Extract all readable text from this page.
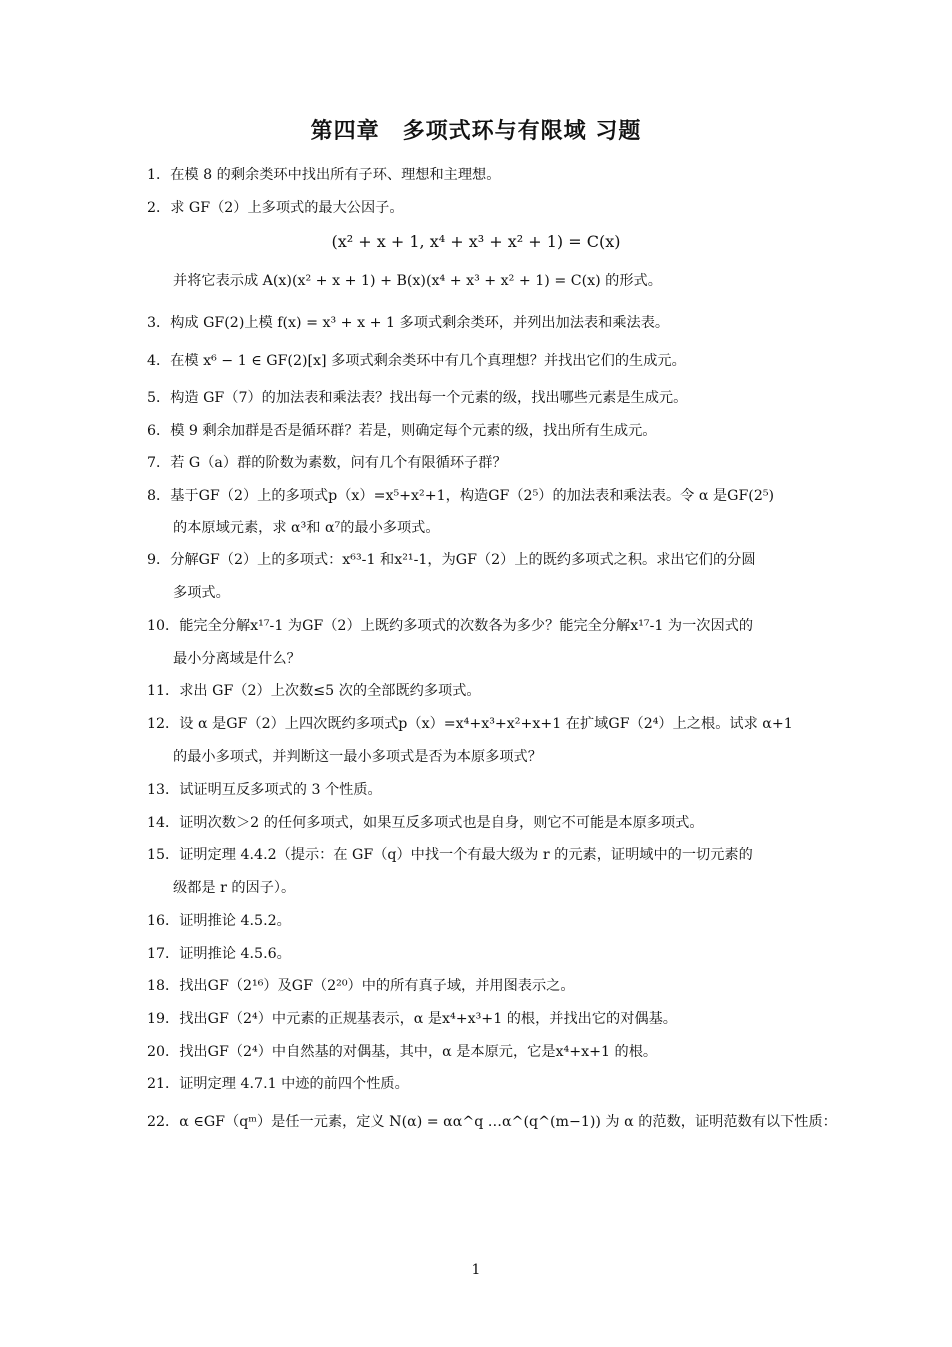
第四章　多项式环与有限域 习题
1．在模 8 的剩余类环中找出所有子环、理想和主理想。
2．求 GF（2）上多项式的最大公因子。
(x² + x + 1, x⁴ + x³ + x² + 1) = C(x)
并将它表示成 A(x)(x² + x + 1) + B(x)(x⁴ + x³ + x² + 1) = C(x) 的形式。
3．构成 GF(2)上模 f(x) = x³ + x + 1 多项式剩余类环，并列出加法表和乘法表。
4．在模 x⁶ − 1 ∈ GF(2)[x] 多项式剩余类环中有几个真理想？并找出它们的生成元。
5．构造 GF（7）的加法表和乘法表？找出每一个元素的级，找出哪些元素是生成元。
6．模 9 剩余加群是否是循环群？若是，则确定每个元素的级，找出所有生成元。
7．若 G（a）群的阶数为素数，问有几个有限循环子群？
8．基于GF（2）上的多项式p（x）=x⁵+x²+1，构造GF（2⁵）的加法表和乘法表。令 α 是GF(2⁵)
的本原域元素，求 α³和 α⁷的最小多项式。
9．分解GF（2）上的多项式：x⁶³-1 和x²¹-1，为GF（2）上的既约多项式之积。求出它们的分圆
多项式。
10．能完全分解x¹⁷-1 为GF（2）上既约多项式的次数各为多少？能完全分解x¹⁷-1 为一次因式的
最小分离域是什么？
11．求出 GF（2）上次数≤5 次的全部既约多项式。
12．设 α 是GF（2）上四次既约多项式p（x）=x⁴+x³+x²+x+1 在扩域GF（2⁴）上之根。试求 α+1
的最小多项式，并判断这一最小多项式是否为本原多项式？
13．试证明互反多项式的 3 个性质。
14．证明次数＞2 的任何多项式，如果互反多项式也是自身，则它不可能是本原多项式。
15．证明定理 4.4.2（提示：在 GF（q）中找一个有最大级为 r 的元素，证明域中的一切元素的
级都是 r 的因子）。
16．证明推论 4.5.2。
17．证明推论 4.5.6。
18．找出GF（2¹⁶）及GF（2²⁰）中的所有真子域，并用图表示之。
19．找出GF（2⁴）中元素的正规基表示，α 是x⁴+x³+1 的根，并找出它的对偶基。
20．找出GF（2⁴）中自然基的对偶基，其中，α 是本原元，它是x⁴+x+1 的根。
21．证明定理 4.7.1 中迹的前四个性质。
22．α ∈GF（qᵐ）是任一元素，定义 N(α) = αα^q …α^(q^(m−1)) 为 α 的范数，证明范数有以下性质：
1
